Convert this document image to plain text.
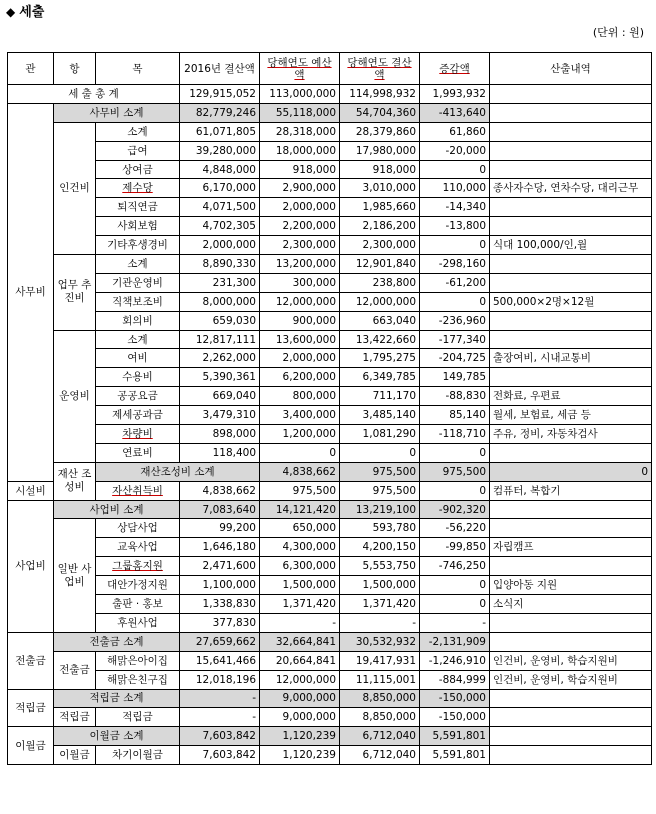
◆ 세출
(단위 : 원)
관	항	목	2016년 결산액	당해연도 예산액	당해연도 결산액	증감액	산출내역	
세 출 총 계			129,915,052	113,000,000	114,998,932	1,993,932		
사무비	사무비 소계		82,779,246	55,118,000	54,704,360	-413,640		
	인건비	소계	61,071,805	28,318,000	28,379,860	61,860		
		급여	39,280,000	18,000,000	17,980,000	-20,000		
		상여금	4,848,000	918,000	918,000	0		
		제수당	6,170,000	2,900,000	3,010,000	110,000	종사자수당, 연차수당, 대리근무	
		퇴직연금	4,071,500	2,000,000	1,985,660	-14,340		
		사회보험	4,702,305	2,200,000	2,186,200	-13,800		
		기타후생경비	2,000,000	2,300,000	2,300,000	0	식대 100,000/인,월	
	업무 추진비	소계	8,890,330	13,200,000	12,901,840	-298,160		
		기관운영비	231,300	300,000	238,800	-61,200		
		직책보조비	8,000,000	12,000,000	12,000,000	0	500,000×2명×12월	
		회의비	659,030	900,000	663,040	-236,960		
	운영비	소계	12,817,111	13,600,000	13,422,660	-177,340		
		여비	2,262,000	2,000,000	1,795,275	-204,725	출장여비, 시내교통비	
		수용비	5,390,361	6,200,000	6,349,785	149,785		
		공공요금	669,040	800,000	711,170	-88,830	전화료, 우편료	
		제세공과금	3,479,310	3,400,000	3,485,140	85,140	월세, 보험료, 세금 등	
		차량비	898,000	1,200,000	1,081,290	-118,710	주유, 정비, 자동차검사	
		연료비	118,400	0	0	0		
	재산 조성비	재산조성비 소계		4,838,662	975,500	975,500	0	
시설비		자산취득비	4,838,662	975,500	975,500	0	컴퓨터, 복합기	
사업비	사업비 소계		7,083,640	14,121,420	13,219,100	-902,320		
	일반 사업비	상담사업	99,200	650,000	593,780	-56,220		
		교육사업	1,646,180	4,300,000	4,200,150	-99,850	자립캠프	
		그룹홈지원	2,471,600	6,300,000	5,553,750	-746,250		
		대안가정지원	1,100,000	1,500,000	1,500,000	0	입양아동 지원	
		출판 · 홍보	1,338,830	1,371,420	1,371,420	0	소식지	
		후원사업	377,830	-	-	-		
전출금	전출금 소계		27,659,662	32,664,841	30,532,932	-2,131,909		
	전출금	해맑은아이집	15,641,466	20,664,841	19,417,931	-1,246,910	인건비, 운영비, 학습지원비	
		해맑은친구집	12,018,196	12,000,000	11,115,001	-884,999	인건비, 운영비, 학습지원비	
적립금	적립금 소계		-	9,000,000	8,850,000	-150,000		
	적립금	적립금	-	9,000,000	8,850,000	-150,000		
이월금	이월금 소계		7,603,842	1,120,239	6,712,040	5,591,801		
	이월금	차기이월금	7,603,842	1,120,239	6,712,040	5,591,801		
